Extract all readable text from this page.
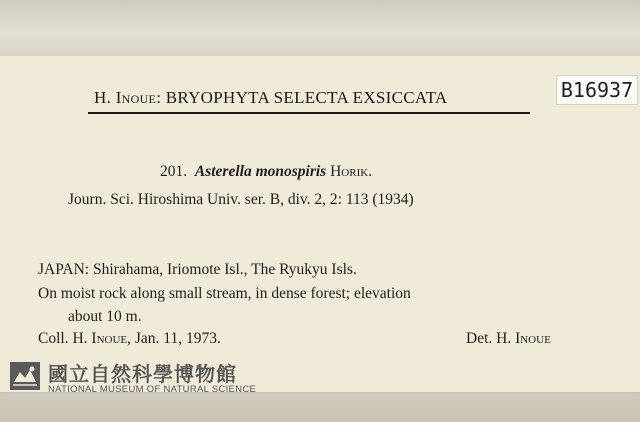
H. Inoue: BRYOPHYTA SELECTA EXSICCATA	B16937
201. Asterella monospiris Horik.
Journ. Sci. Hiroshima Univ. ser. B, div. 2, 2: 113 (1934)
JAPAN: Shirahama, Iriomote Isl., The Ryukyu Isls.
On moist rock along small stream, in dense forest; elevation
about 10 m.
Coll. H. Inoue, Jan. 11, 1973.	Det. H. Inoue
國立自然科學博物館
NATIONAL MUSEUM OF NATURAL SCIENCE
